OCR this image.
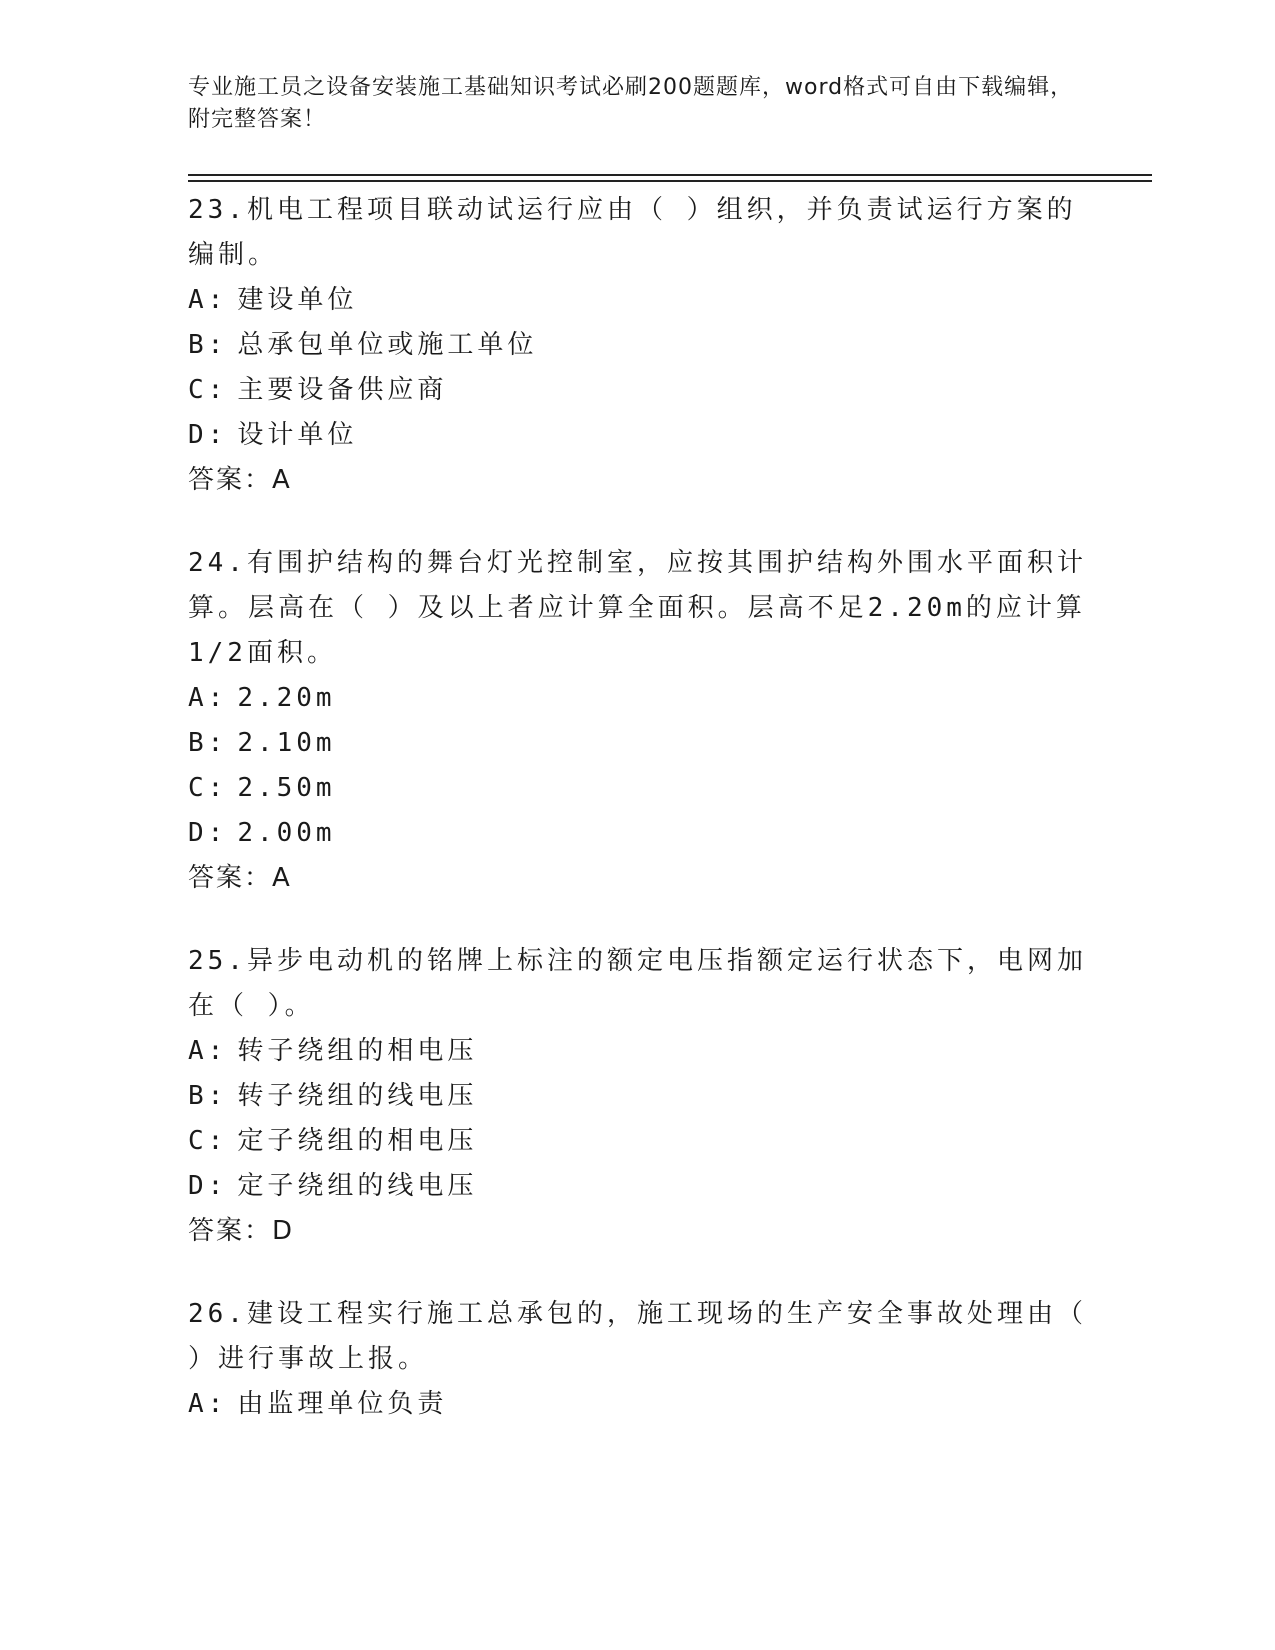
专业施工员之设备安装施工基础知识考试必刷200题题库，word格式可自由下载编辑，附完整答案！

23.机电工程项目联动试运行应由（ ）组织，并负责试运行方案的编制。

A: 建设单位

B: 总承包单位或施工单位

C: 主要设备供应商

D: 设计单位

答案：A

24.有围护结构的舞台灯光控制室，应按其围护结构外围水平面积计算。层高在（ ）及以上者应计算全面积。层高不足2.20m的应计算1/2面积。

A: 2.20m

B: 2.10m

C: 2.50m

D: 2.00m

答案：A

25.异步电动机的铭牌上标注的额定电压指额定运行状态下，电网加在（ ）。

A: 转子绕组的相电压

B: 转子绕组的线电压

C: 定子绕组的相电压

D: 定子绕组的线电压

答案：D

26.建设工程实行施工总承包的，施工现场的生产安全事故处理由（ ）进行事故上报。

A: 由监理单位负责
